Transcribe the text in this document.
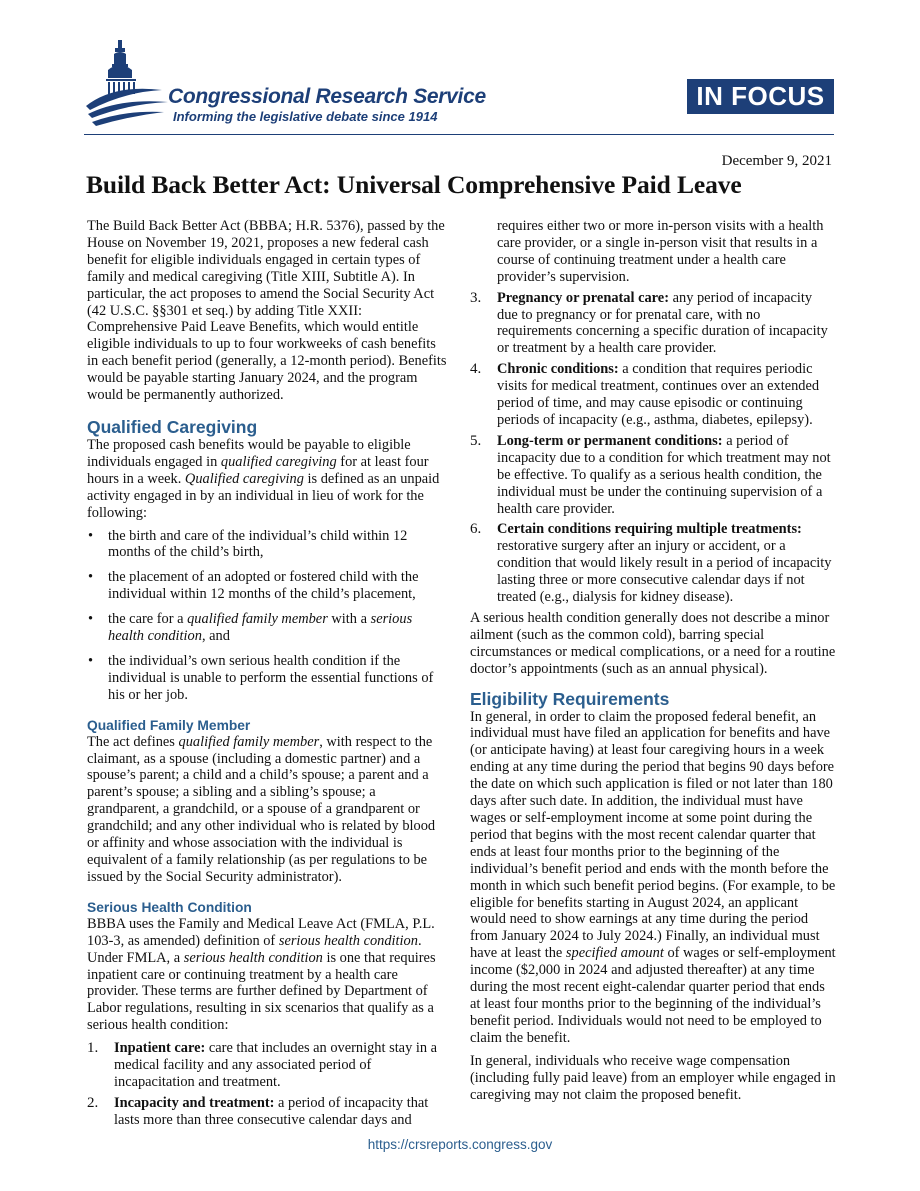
Congressional Research Service
Informing the legislative debate since 1914
IN FOCUS
December 9, 2021
Build Back Better Act: Universal Comprehensive Paid Leave

The Build Back Better Act (BBBA; H.R. 5376), passed by the House on November 19, 2021, proposes a new federal cash benefit for eligible individuals engaged in certain types of family and medical caregiving (Title XIII, Subtitle A). In particular, the act proposes to amend the Social Security Act (42 U.S.C. §§301 et seq.) by adding Title XXII: Comprehensive Paid Leave Benefits, which would entitle eligible individuals to up to four workweeks of cash benefits in each benefit period (generally, a 12-month period). Benefits would be payable starting January 2024, and the program would be permanently authorized.

Qualified Caregiving

The proposed cash benefits would be payable to eligible individuals engaged in qualified caregiving for at least four hours in a week. Qualified caregiving is defined as an unpaid activity engaged in by an individual in lieu of work for the following:

• the birth and care of the individual’s child within 12 months of the child’s birth,
• the placement of an adopted or fostered child with the individual within 12 months of the child’s placement,
• the care for a qualified family member with a serious health condition, and
• the individual’s own serious health condition if the individual is unable to perform the essential functions of his or her job.
Qualified Family Member

The act defines qualified family member, with respect to the claimant, as a spouse (including a domestic partner) and a spouse’s parent; a child and a child’s spouse; a parent and a parent’s spouse; a sibling and a sibling’s spouse; a grandparent, a grandchild, or a spouse of a grandparent or grandchild; and any other individual who is related by blood or affinity and whose association with the individual is equivalent of a family relationship (as per regulations to be issued by the Social Security administrator).

Serious Health Condition

BBBA uses the Family and Medical Leave Act (FMLA, P.L. 103-3, as amended) definition of serious health condition. Under FMLA, a serious health condition is one that requires inpatient care or continuing treatment by a health care provider. These terms are further defined by Department of Labor regulations, resulting in six scenarios that qualify as a serious health condition:

1. Inpatient care: care that includes an overnight stay in a medical facility and any associated period of incapacitation and treatment.
2. Incapacity and treatment: a period of incapacity that lasts more than three consecutive calendar days and
requires either two or more in-person visits with a health care provider, or a single in-person visit that results in a course of continuing treatment under a health care provider’s supervision.
3. Pregnancy or prenatal care: any period of incapacity due to pregnancy or for prenatal care, with no requirements concerning a specific duration of incapacity or treatment by a health care provider.
4. Chronic conditions: a condition that requires periodic visits for medical treatment, continues over an extended period of time, and may cause episodic or continuing periods of incapacity (e.g., asthma, diabetes, epilepsy).
5. Long-term or permanent conditions: a period of incapacity due to a condition for which treatment may not be effective. To qualify as a serious health condition, the individual must be under the continuing supervision of a health care provider.
6. Certain conditions requiring multiple treatments: restorative surgery after an injury or accident, or a condition that would likely result in a period of incapacity lasting three or more consecutive calendar days if not treated (e.g., dialysis for kidney disease).

A serious health condition generally does not describe a minor ailment (such as the common cold), barring special circumstances or medical complications, or a need for a routine doctor’s appointments (such as an annual physical).

Eligibility Requirements

In general, in order to claim the proposed federal benefit, an individual must have filed an application for benefits and have (or anticipate having) at least four caregiving hours in a week ending at any time during the period that begins 90 days before the date on which such application is filed or not later than 180 days after such date. In addition, the individual must have wages or self-employment income at some point during the period that begins with the most recent calendar quarter that ends at least four months prior to the beginning of the individual’s benefit period and ends with the month before the month in which such benefit period begins. (For example, to be eligible for benefits starting in August 2024, an applicant would need to show earnings at any time during the period from January 2024 to July 2024.) Finally, an individual must have at least the specified amount of wages or self-employment income ($2,000 in 2024 and adjusted thereafter) at any time during the most recent eight-calendar quarter period that ends at least four months prior to the beginning of the individual’s benefit period. Individuals would not need to be employed to claim the benefit.

In general, individuals who receive wage compensation (including fully paid leave) from an employer while engaged in caregiving may not claim the proposed benefit.

https://crsreports.congress.gov
